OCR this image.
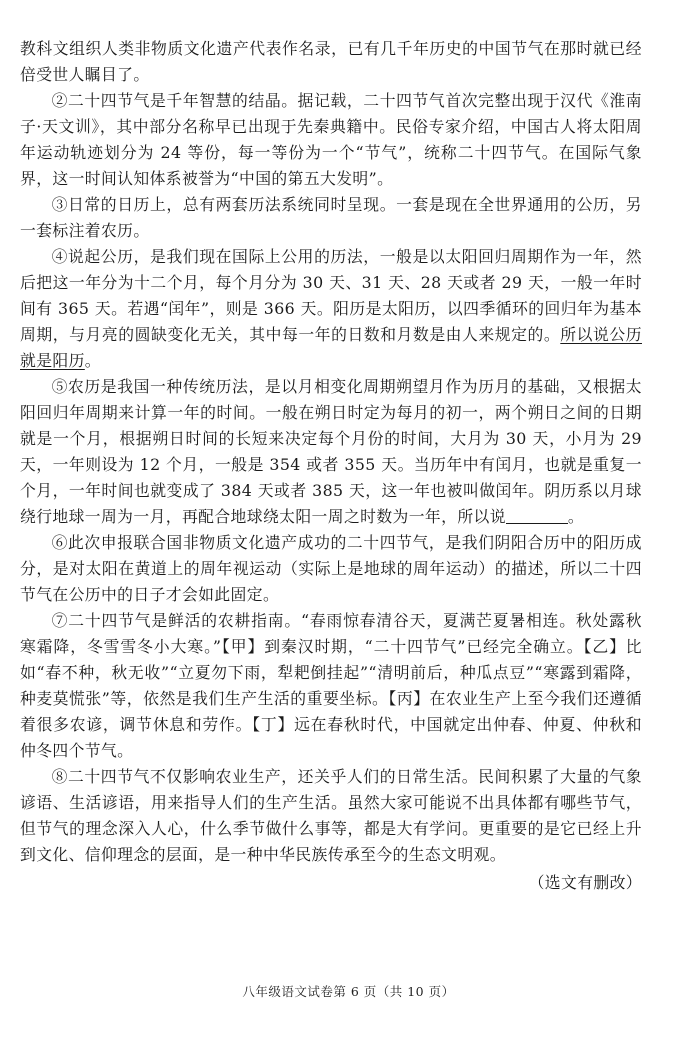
教科文组织人类非物质文化遗产代表作名录，已有几千年历史的中国节气在那时就已经倍受世人瞩目了。

②二十四节气是千年智慧的结晶。据记载，二十四节气首次完整出现于汉代《淮南子·天文训》，其中部分名称早已出现于先秦典籍中。民俗专家介绍，中国古人将太阳周年运动轨迹划分为 24 等份，每一等份为一个“节气”，统称二十四节气。在国际气象界，这一时间认知体系被誉为“中国的第五大发明”。

③日常的日历上，总有两套历法系统同时呈现。一套是现在全世界通用的公历，另一套标注着农历。

④说起公历，是我们现在国际上公用的历法，一般是以太阳回归周期作为一年，然后把这一年分为十二个月，每个月分为 30 天、31 天、28 天或者 29 天，一般一年时间有 365 天。若遇“闰年”，则是 366 天。阳历是太阳历，以四季循环的回归年为基本周期，与月亮的圆缺变化无关，其中每一年的日数和月数是由人来规定的。所以说公历就是阳历。

⑤农历是我国一种传统历法，是以月相变化周期朔望月作为历月的基础，又根据太阳回归年周期来计算一年的时间。一般在朔日时定为每月的初一，两个朔日之间的日期就是一个月，根据朔日时间的长短来决定每个月份的时间，大月为 30 天，小月为 29 天，一年则设为 12 个月，一般是 354 或者 355 天。当历年中有闰月，也就是重复一个月，一年时间也就变成了 384 天或者 385 天，这一年也被叫做闰年。阴历系以月球绕行地球一周为一月，再配合地球绕太阳一周之时数为一年，所以说	。

⑥此次申报联合国非物质文化遗产成功的二十四节气，是我们阴阳合历中的阳历成分，是对太阳在黄道上的周年视运动（实际上是地球的周年运动）的描述，所以二十四节气在公历中的日子才会如此固定。

⑦二十四节气是鲜活的农耕指南。“春雨惊春清谷天，夏满芒夏暑相连。秋处露秋寒霜降，冬雪雪冬小大寒。”【甲】到秦汉时期，“二十四节气”已经完全确立。【乙】比如“春不种，秋无收”“立夏勿下雨，犁耙倒挂起”“清明前后，种瓜点豆”“寒露到霜降，种麦莫慌张”等，依然是我们生产生活的重要坐标。【丙】在农业生产上至今我们还遵循着很多农谚，调节休息和劳作。【丁】远在春秋时代，中国就定出仲春、仲夏、仲秋和仲冬四个节气。

⑧二十四节气不仅影响农业生产，还关乎人们的日常生活。民间积累了大量的气象谚语、生活谚语，用来指导人们的生产生活。虽然大家可能说不出具体都有哪些节气，但节气的理念深入人心，什么季节做什么事等，都是大有学问。更重要的是它已经上升到文化、信仰理念的层面，是一种中华民族传承至今的生态文明观。

（选文有删改）

八年级语文试卷第 6 页（共 10 页）
